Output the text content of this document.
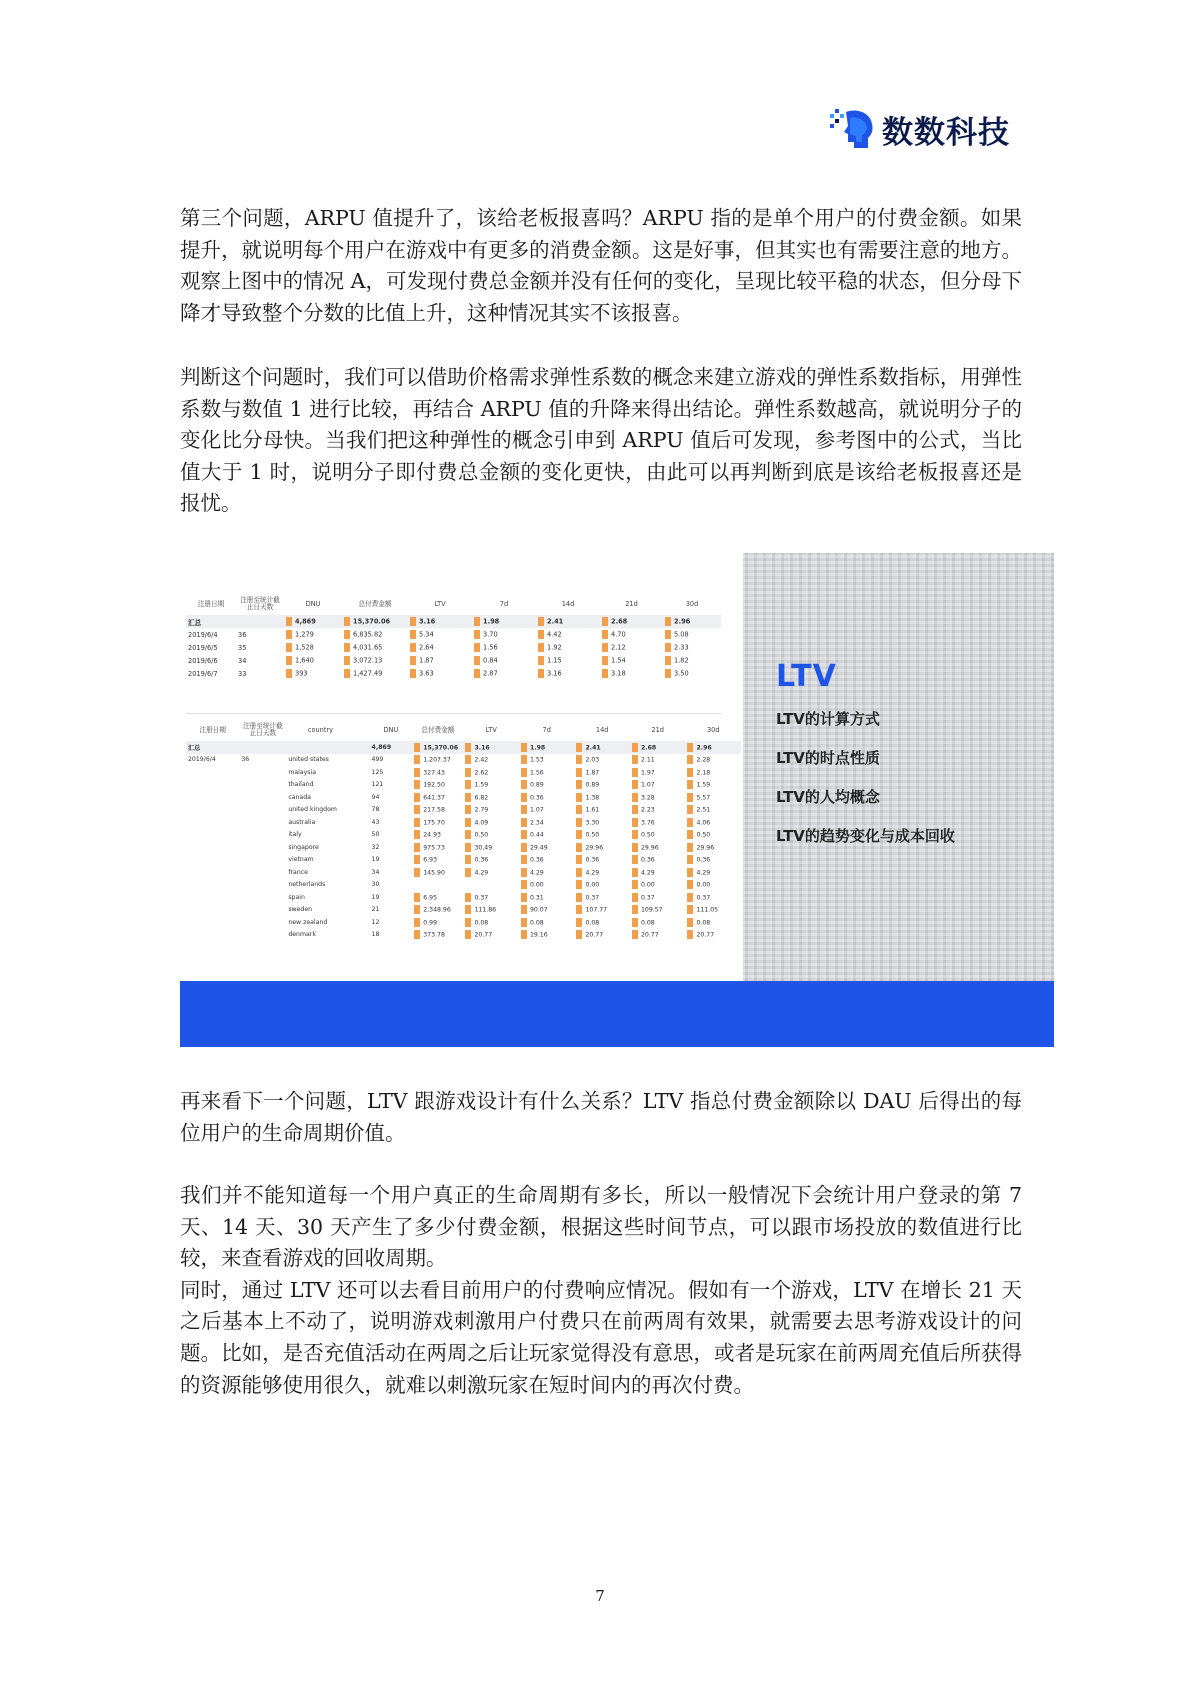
数数科技

第三个问题，ARPU 值提升了，该给老板报喜吗？ARPU 指的是单个用户的付费金额。如果提升，就说明每个用户在游戏中有更多的消费金额。这是好事，但其实也有需要注意的地方。观察上图中的情况 A，可发现付费总金额并没有任何的变化，呈现比较平稳的状态，但分母下降才导致整个分数的比值上升，这种情况其实不该报喜。

判断这个问题时，我们可以借助价格需求弹性系数的概念来建立游戏的弹性系数指标，用弹性系数与数值 1 进行比较，再结合 ARPU 值的升降来得出结论。弹性系数越高，就说明分子的变化比分母快。当我们把这种弹性的概念引申到 ARPU 值后可发现，参考图中的公式，当比值大于 1 时，说明分子即付费总金额的变化更快，由此可以再判断到底是该给老板报喜还是报忧。

注册日期	注册至统计截止日天数	DNU	总付费金额	LTV	7d	14d	21d	30d
汇总		4,869	15,370.06	3.16	1.98	2.41	2.68	2.96
2019/6/4	36	1,279	6,835.82	5.34	3.70	4.42	4.70	5.08
2019/6/5	35	1,528	4,031.65	2.64	1.56	1.92	2.12	2.33
2019/6/6	34	1,640	3,072.13	1.87	0.84	1.15	1.54	1.82
2019/6/7	33	393	1,427.49	3.63	2.87	3.16	3.18	3.50
注册日期	注册至统计截止日天数	country		DNU	总付费金额	LTV	7d	14d	21d	30d
汇总				4,869	15,370.06	3.16	1.98	2.41	2.68	2.96
2019/6/4	36	united states		499	1,207.37	2.42	1.53	2.03	2.11	2.28
		malaysia		125	327.43	2.62	1.56	1.87	1.97	2.18
		thailand		121	192.50	1.59	0.89	0.89	1.07	1.59
		canada		94	641.37	6.82	0.36	1.38	3.28	5.57
		united kingdom		78	217.58	2.79	1.07	1.61	2.23	2.51
		australia		43	175.70	4.09	2.34	3.30	3.76	4.06
		italy		50	24.93	0.50	0.44	0.50	0.50	0.50
		singapore		32	975.73	30.49	29.49	29.96	29.96	29.96
		vietnam		19	6.93	0.36	0.36	0.36	0.36	0.36
		france		34	145.90	4.29	4.29	4.29	4.29	4.29
		netherlands		30			0.00	0.00	0.00	0.00
		spain		19	6.95	0.37	0.31	0.37	0.37	0.37
		sweden		21	2,348.96	111.86	90.07	107.77	109.57	111.05
		new zealand		12	0.99	0.08	0.08	0.08	0.08	0.08
		denmark		18	373.78	20.77	19.16	20.77	20.77	20.77
LTV
LTV的计算方式
LTV的时点性质
LTV的人均概念
LTV的趋势变化与成本回收

再来看下一个问题，LTV 跟游戏设计有什么关系？LTV 指总付费金额除以 DAU 后得出的每位用户的生命周期价值。

我们并不能知道每一个用户真正的生命周期有多长，所以一般情况下会统计用户登录的第 7 天、14 天、30 天产生了多少付费金额，根据这些时间节点，可以跟市场投放的数值进行比较，来查看游戏的回收周期。
同时，通过 LTV 还可以去看目前用户的付费响应情况。假如有一个游戏，LTV 在增长 21 天之后基本上不动了，说明游戏刺激用户付费只在前两周有效果，就需要去思考游戏设计的问题。比如，是否充值活动在两周之后让玩家觉得没有意思，或者是玩家在前两周充值后所获得的资源能够使用很久，就难以刺激玩家在短时间内的再次付费。
7
